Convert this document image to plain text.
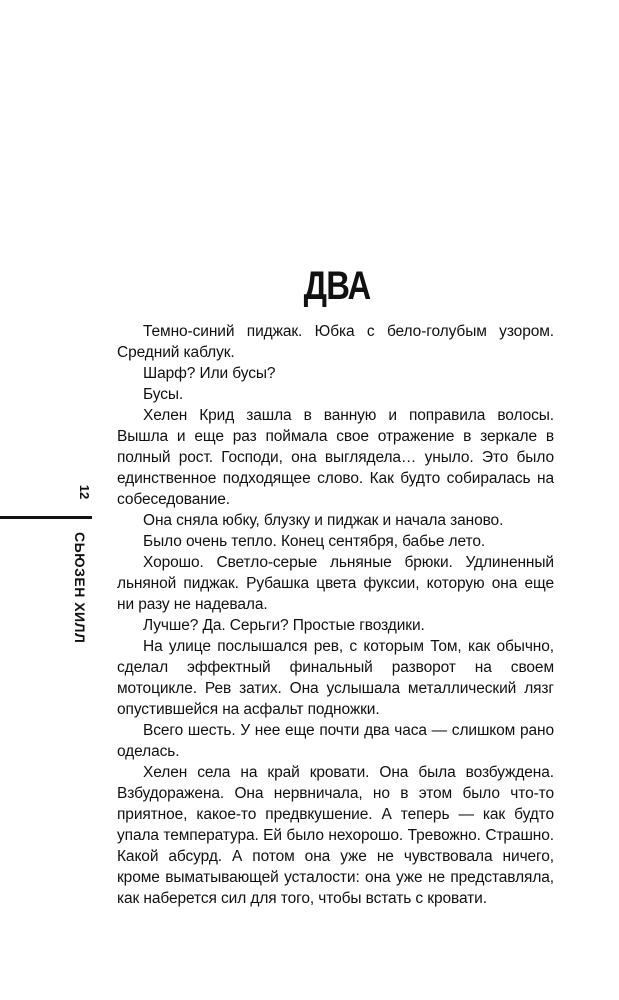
ДВА
12
СЬЮЗЕН ХИЛЛ

Темно-синий пиджак. Юбка с бело-голубым узором. Средний каблук.

Шарф? Или бусы?

Бусы.

Хелен Крид зашла в ванную и поправила волосы. Вышла и еще раз поймала свое отражение в зеркале в полный рост. Господи, она выглядела… уныло. Это было единственное подходящее слово. Как будто собиралась на собеседование.

Она сняла юбку, блузку и пиджак и начала заново.

Было очень тепло. Конец сентября, бабье лето.

Хорошо. Светло-серые льняные брюки. Удлиненный льняной пиджак. Рубашка цвета фуксии, которую она еще ни разу не надевала.

Лучше? Да. Серьги? Простые гвоздики.

На улице послышался рев, с которым Том, как обычно, сделал эффектный финальный разворот на своем мотоцикле. Рев затих. Она услышала металлический лязг опустившейся на асфальт подножки.

Всего шесть. У нее еще почти два часа — слишком рано оделась.

Хелен села на край кровати. Она была возбуждена. Взбудоражена. Она нервничала, но в этом было что-то приятное, какое-то предвкушение. А теперь — как будто упала температура. Ей было нехорошо. Тревожно. Страшно. Какой абсурд. А потом она уже не чувствовала ничего, кроме выматывающей усталости: она уже не представляла, как наберется сил для того, чтобы встать с кровати.
